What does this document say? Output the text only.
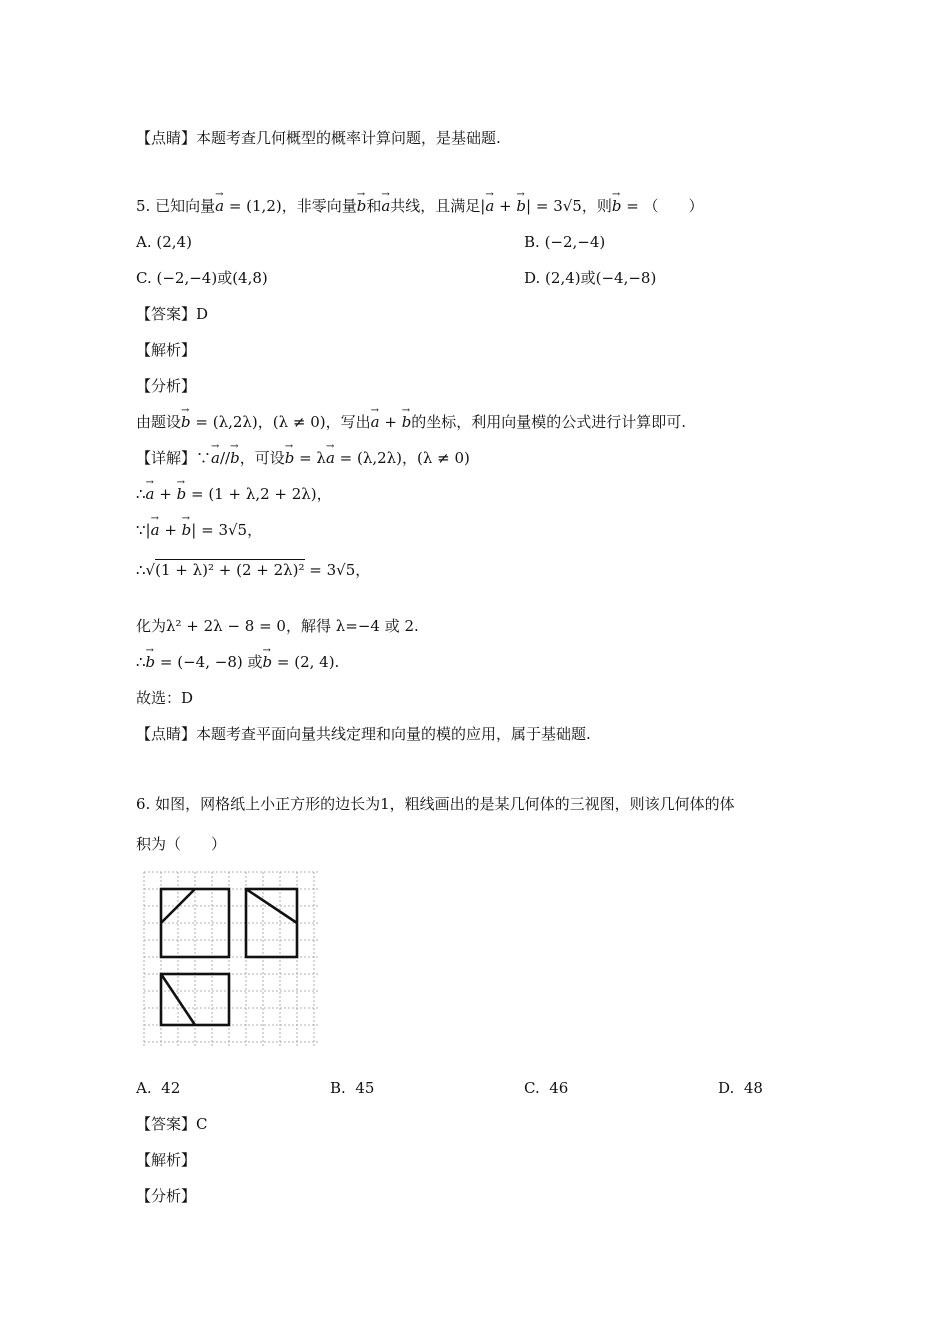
【点睛】本题考查几何概型的概率计算问题，是基础题.
5. 已知向量→ a = (1,2)，非零向量→ b和→ a共线，且满足|→ a + → b| = 3√5，则→ b = （　　）
A. (2,4)	B. (−2,−4)
C. (−2,−4)或(4,8)	D. (2,4)或(−4,−8)
【答案】D
【解析】
【分析】
由题设→ b = (λ,2λ)，(λ ≠ 0)，写出→ a + → b的坐标，利用向量模的公式进行计算即可.
【详解】∵→ a//→ b，可设→ b = λ→ a = (λ,2λ)，(λ ≠ 0)
∴→ a + → b = (1 + λ,2 + 2λ)，
∵|→ a + → b| = 3√5，
∴√(1 + λ)² + (2 + 2λ)² = 3√5，
化为λ² + 2λ − 8 = 0，解得 λ=−4 或 2.
∴→ b = (−4, −8) 或→ b = (2, 4).
故选：D
【点睛】本题考查平面向量共线定理和向量的模的应用，属于基础题.
6. 如图，网格纸上小正方形的边长为1，粗线画出的是某几何体的三视图，则该几何体的体
积为（　　）
A. 42	B. 45	C. 46	D. 48
【答案】C
【解析】
【分析】
